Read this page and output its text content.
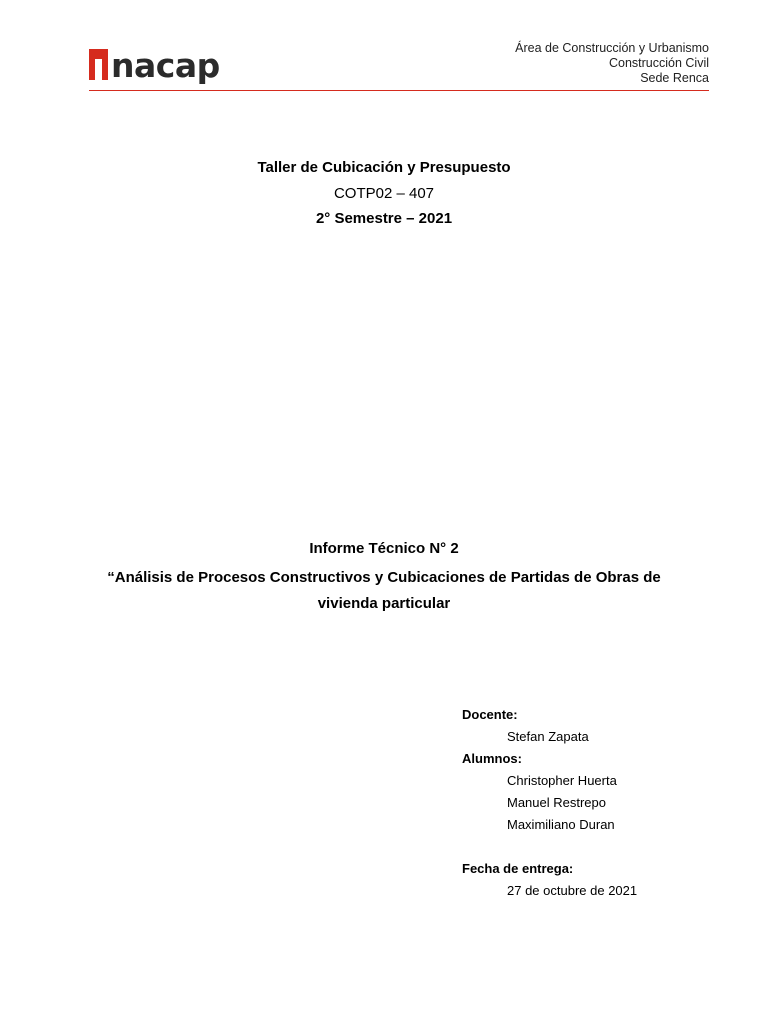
nacap	Área de Construcción y Urbanismo
Construcción Civil
Sede Renca
Taller de Cubicación y Presupuesto
COTP02 – 407
2° Semestre – 2021
Informe Técnico N° 2
“Análisis de Procesos Constructivos y Cubicaciones de Partidas de Obras de vivienda particular
Docente:
Stefan Zapata
Alumnos:
Christopher Huerta
Manuel Restrepo
Maximiliano Duran
Fecha de entrega:
27 de octubre de 2021
